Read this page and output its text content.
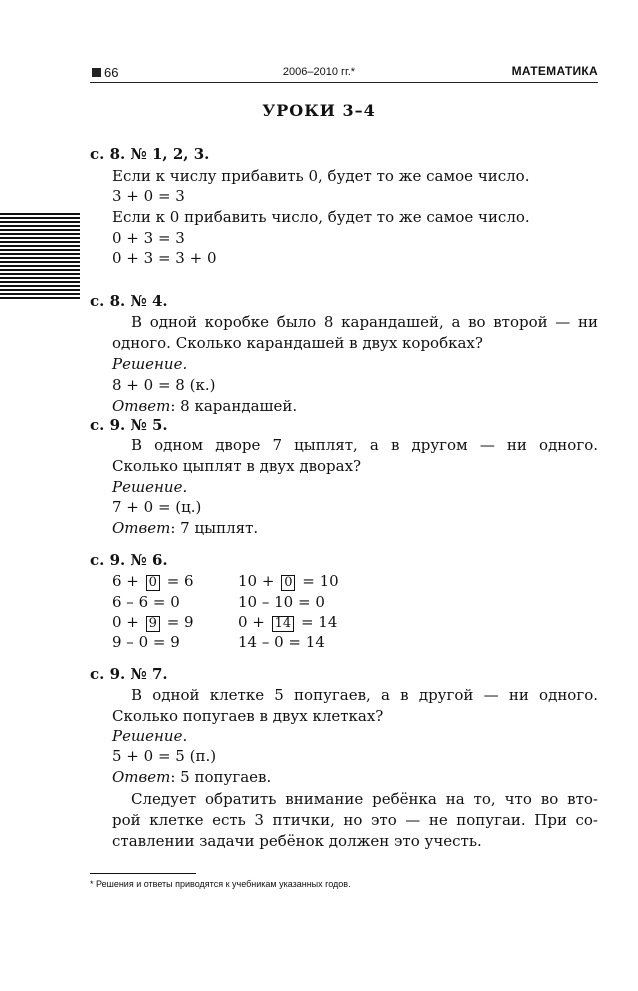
66	2006–2010 гг.*	МАТЕМАТИКА
УРОКИ 3–4
с. 8. № 1, 2, 3.
Если к числу прибавить 0, будет то же самое число.
3 + 0 = 3
Если к 0 прибавить число, будет то же самое число.
0 + 3 = 3
0 + 3 = 3 + 0
с. 8. № 4.
В одной коробке было 8 карандашей, а во второй — ни
одного. Сколько карандашей в двух коробках?
Решение.
8 + 0 = 8 (к.)
Ответ: 8 карандашей.
с. 9. № 5.
В одном дворе 7 цыплят, а в другом — ни одного.
Сколько цыплят в двух дворах?
Решение.
7 + 0 = (ц.)
Ответ: 7 цыплят.
с. 9. № 6.
6 + 0 = 6	10 + 0 = 10
6 – 6 = 0	10 – 10 = 0
0 + 9 = 9	0 + 14 = 14
9 – 0 = 9	14 – 0 = 14
с. 9. № 7.
В одной клетке 5 попугаев, а в другой — ни одного.
Сколько попугаев в двух клетках?
Решение.
5 + 0 = 5 (п.)
Ответ: 5 попугаев.
Следует обратить внимание ребёнка на то, что во вто-
рой клетке есть 3 птички, но это — не попугаи. При со-
ставлении задачи ребёнок должен это учесть.
* Решения и ответы приводятся к учебникам указанных годов.
